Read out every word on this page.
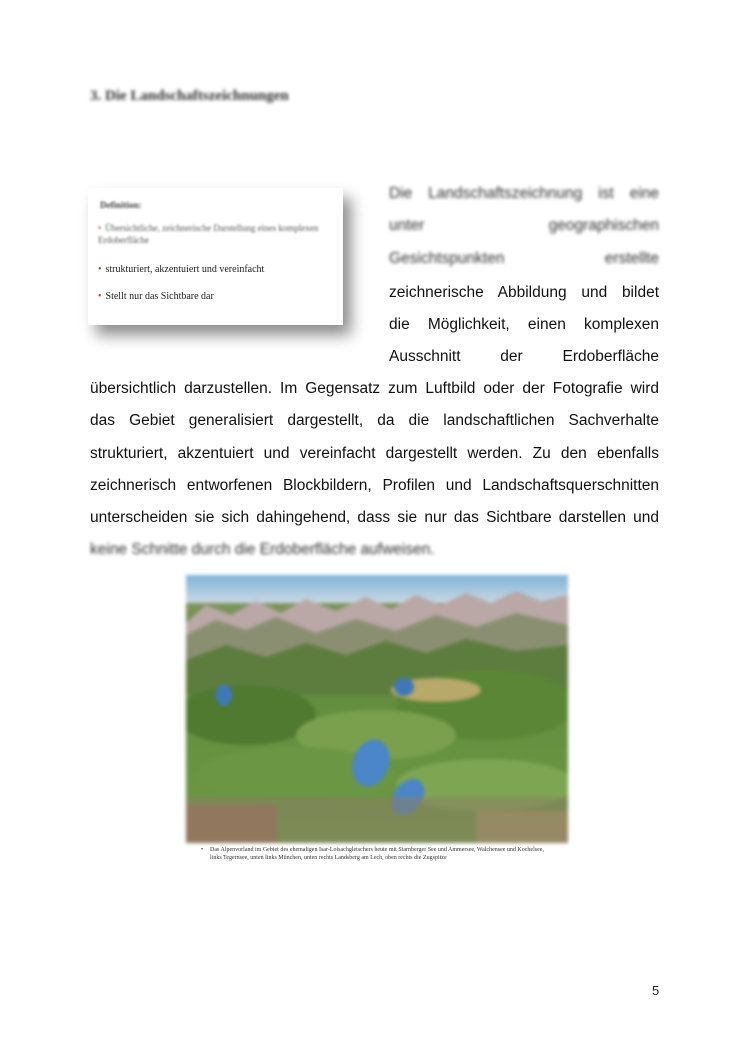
3. Die Landschaftszeichnungen
Definition:
• Übersichtliche, zeichnerische Darstellung eines komplexen Erdoberfläche
• strukturiert, akzentuiert und vereinfacht
• Stellt nur das Sichtbare dar
Die Landschaftszeichnung ist eine
unter geographischen
Gesichtspunkten erstellte
zeichnerische Abbildung und bildet
die Möglichkeit, einen komplexen
Ausschnitt der Erdoberfläche
übersichtlich darzustellen. Im Gegensatz zum Luftbild oder der Fotografie wird
das Gebiet generalisiert dargestellt, da die landschaftlichen Sachverhalte
strukturiert, akzentuiert und vereinfacht dargestellt werden. Zu den ebenfalls
zeichnerisch entworfenen Blockbildern, Profilen und Landschaftsquerschnitten
unterscheiden sie sich dahingehend, dass sie nur das Sichtbare darstellen und
keine Schnitte durch die Erdoberfläche aufweisen.
• Das Alpenvorland im Gebiet des ehemaligen Isar-Loisachgletschers heute mit Starnberger See und Ammersee, Walchensee und Kochelsee, links Tegernsee, unten links München, unten rechts Landsberg am Lech, oben rechts die Zugspitze
5
